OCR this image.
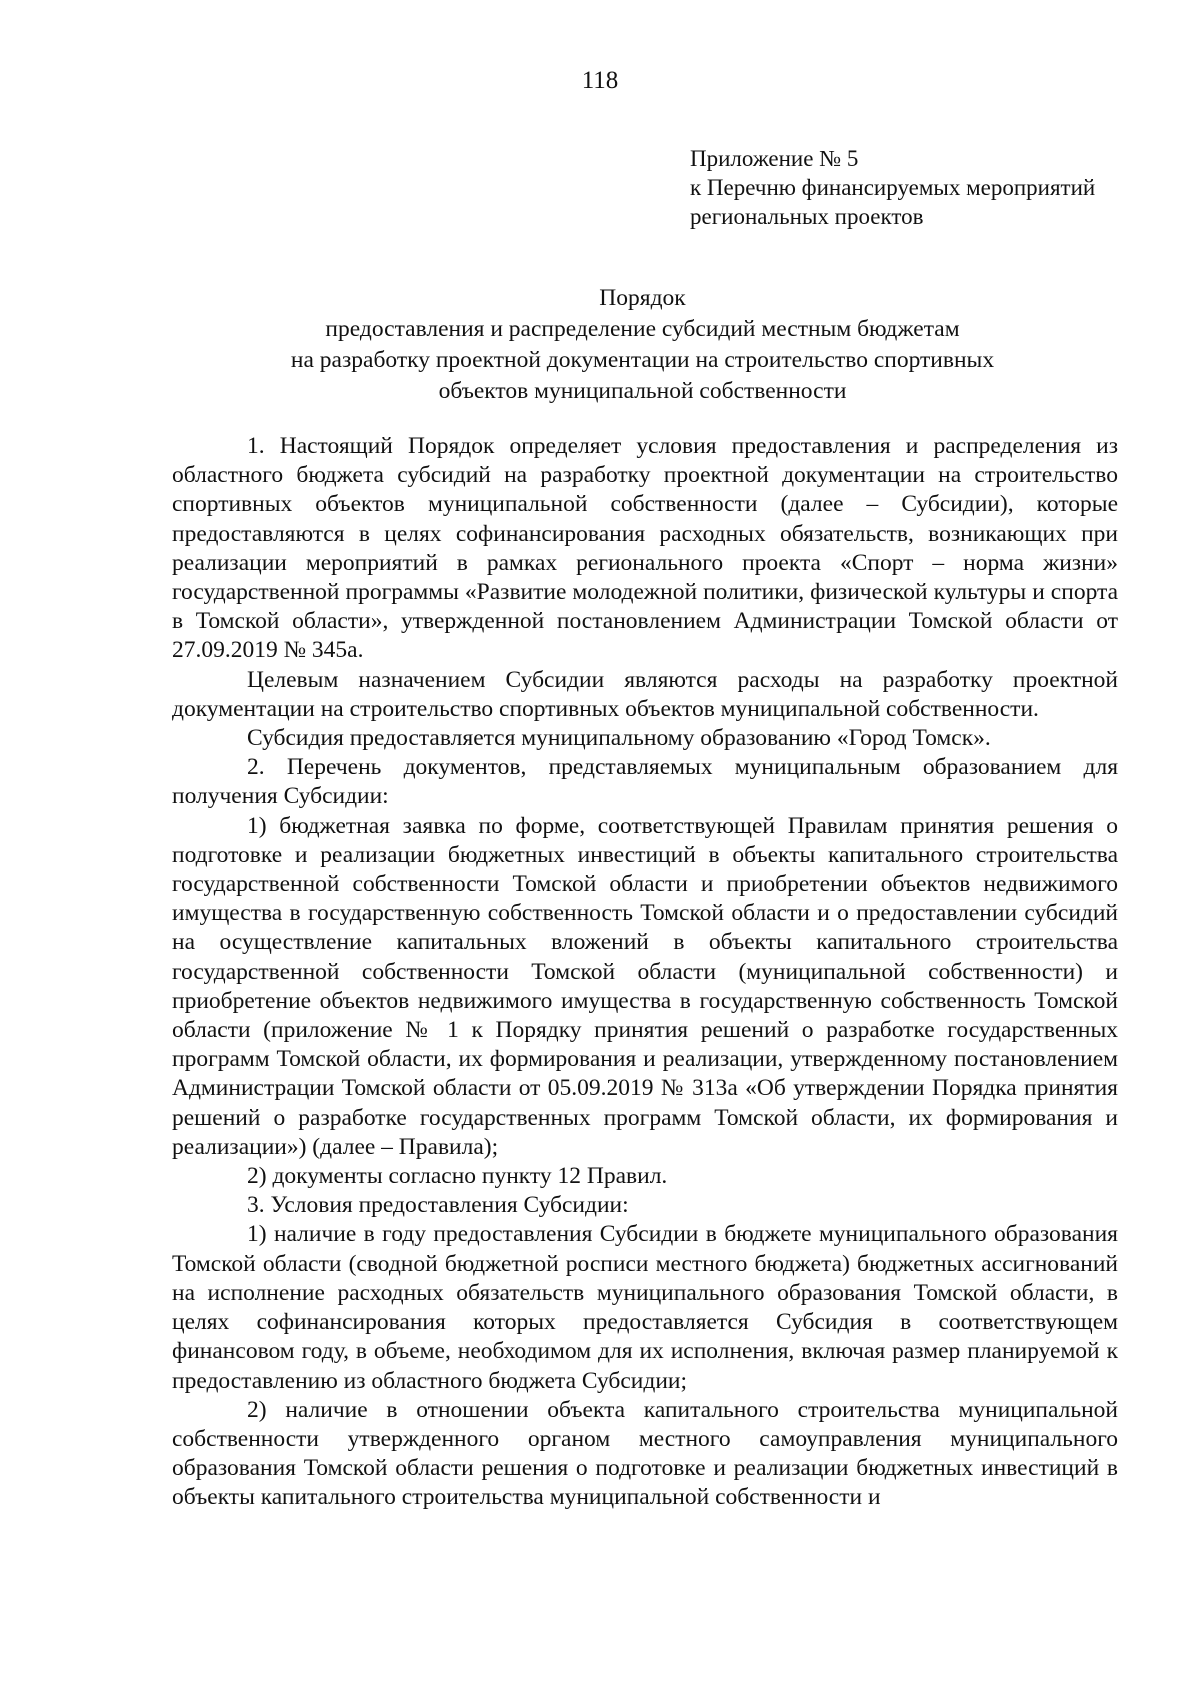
118
Приложение № 5
к Перечню финансируемых мероприятий
региональных проектов
Порядок
предоставления и распределение субсидий местным бюджетам
на разработку проектной документации на строительство спортивных
объектов муниципальной собственности

1. Настоящий Порядок определяет условия предоставления и распределения из областного бюджета субсидий на разработку проектной документации на строительство спортивных объектов муниципальной собственности (далее – Субсидии), которые предоставляются в целях софинансирования расходных обязательств, возникающих при реализации мероприятий в рамках регионального проекта «Спорт – норма жизни» государственной программы «Развитие молодежной политики, физической культуры и спорта в Томской области», утвержденной постановлением Администрации Томской области от 27.09.2019 № 345а.

Целевым назначением Субсидии являются расходы на разработку проектной документации на строительство спортивных объектов муниципальной собственности.

Субсидия предоставляется муниципальному образованию «Город Томск».

2. Перечень документов, представляемых муниципальным образованием для получения Субсидии:

1) бюджетная заявка по форме, соответствующей Правилам принятия решения о подготовке и реализации бюджетных инвестиций в объекты капитального строительства государственной собственности Томской области и приобретении объектов недвижимого имущества в государственную собственность Томской области и о предоставлении субсидий на осуществление капитальных вложений в объекты капитального строительства государственной собственности Томской области (муниципальной собственности) и приобретение объектов недвижимого имущества в государственную собственность Томской области (приложение № 1 к Порядку принятия решений о разработке государственных программ Томской области, их формирования и реализации, утвержденному постановлением Администрации Томской области от 05.09.2019 № 313а «Об утверждении Порядка принятия решений о разработке государственных программ Томской области, их формирования и реализации») (далее – Правила);

2) документы согласно пункту 12 Правил.

3. Условия предоставления Субсидии:

1) наличие в году предоставления Субсидии в бюджете муниципального образования Томской области (сводной бюджетной росписи местного бюджета) бюджетных ассигнований на исполнение расходных обязательств муниципального образования Томской области, в целях софинансирования которых предоставляется Субсидия в соответствующем финансовом году, в объеме, необходимом для их исполнения, включая размер планируемой к предоставлению из областного бюджета Субсидии;

2) наличие в отношении объекта капитального строительства муниципальной собственности утвержденного органом местного самоуправления муниципального образования Томской области решения о подготовке и реализации бюджетных инвестиций в объекты капитального строительства муниципальной собственности и
